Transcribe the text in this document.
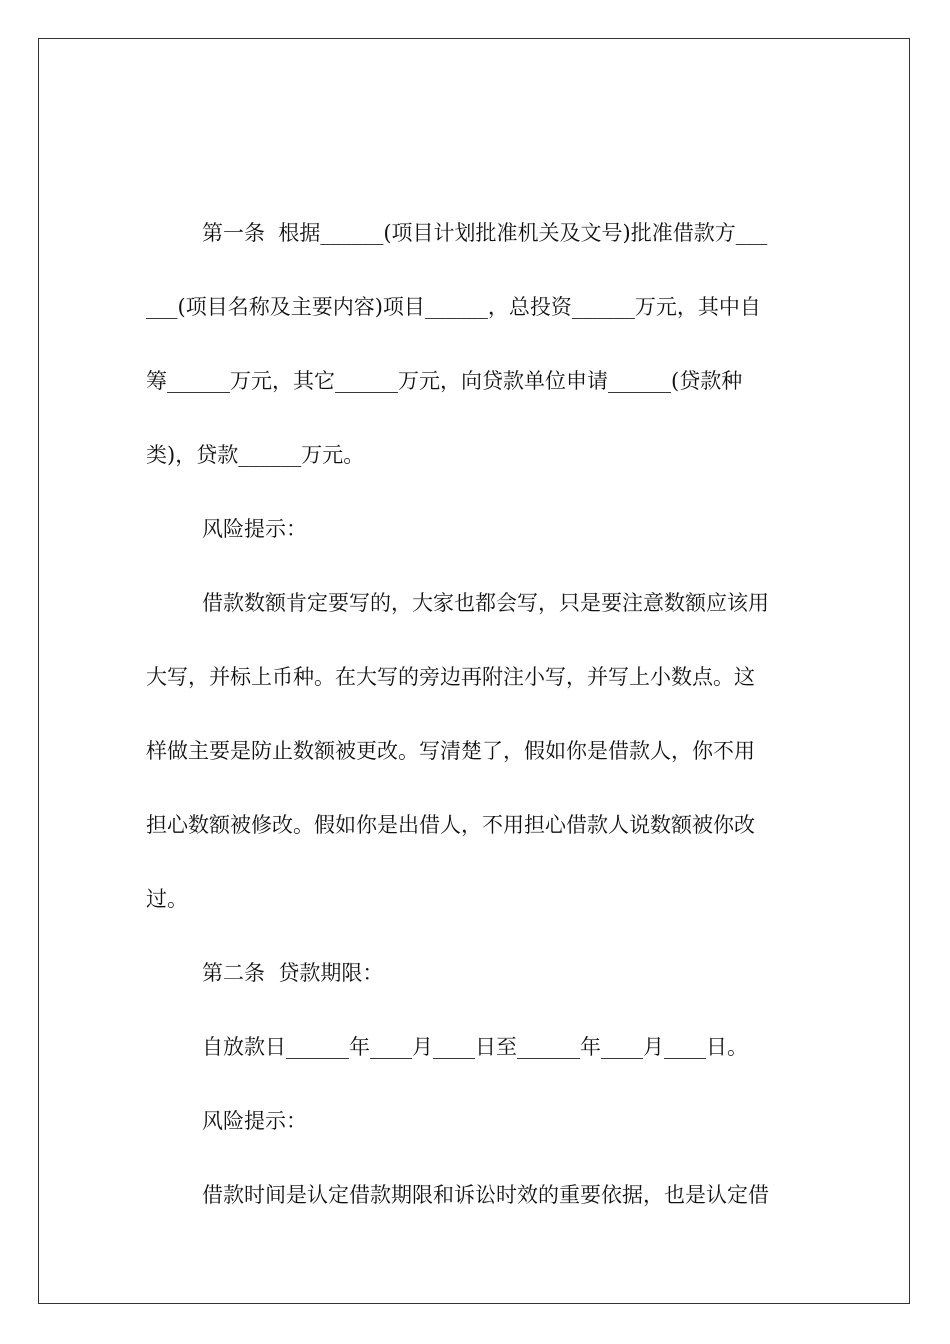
第一条  根据______(项目计划批准机关及文号)批准借款方___
___(项目名称及主要内容)项目______，总投资______万元，其中自
筹______万元，其它______万元，向贷款单位申请______(贷款种
类)，贷款______万元。
风险提示：
借款数额肯定要写的，大家也都会写，只是要注意数额应该用
大写，并标上币种。在大写的旁边再附注小写，并写上小数点。这
样做主要是防止数额被更改。写清楚了，假如你是借款人，你不用
担心数额被修改。假如你是出借人，不用担心借款人说数额被你改
过。
第二条  贷款期限：
自放款日______年____月____日至______年____月____日。
风险提示：
借款时间是认定借款期限和诉讼时效的重要依据，也是认定借
